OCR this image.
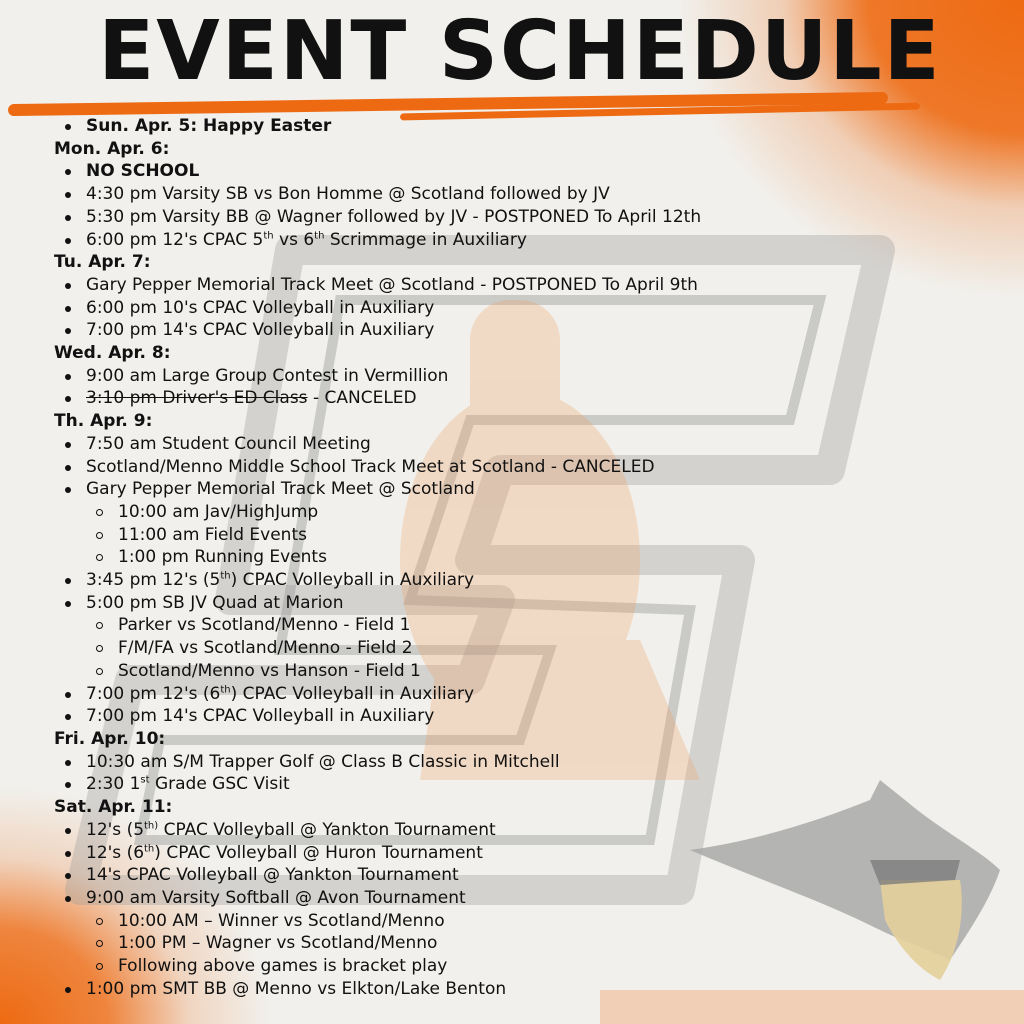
EVENT SCHEDULE
Sun. Apr. 5: Happy Easter
Mon. Apr. 6:
NO SCHOOL
4:30 pm Varsity SB vs Bon Homme @ Scotland followed by JV
5:30 pm Varsity BB @ Wagner followed by JV - POSTPONED To April 12th
6:00 pm 12's CPAC 5th vs 6th Scrimmage in Auxiliary
Tu. Apr. 7:
Gary Pepper Memorial Track Meet @ Scotland - POSTPONED To April 9th
6:00 pm 10's CPAC Volleyball in Auxiliary
7:00 pm 14's CPAC Volleyball in Auxiliary
Wed. Apr. 8:
9:00 am Large Group Contest in Vermillion
3:10 pm Driver's ED Class - CANCELED
Th. Apr. 9:
7:50 am Student Council Meeting
Scotland/Menno Middle School Track Meet at Scotland - CANCELED
Gary Pepper Memorial Track Meet @ Scotland
10:00 am Jav/HighJump
11:00 am Field Events
1:00 pm Running Events
3:45 pm 12's (5th) CPAC Volleyball in Auxiliary
5:00 pm SB JV Quad at Marion
Parker vs Scotland/Menno - Field 1
F/M/FA vs Scotland/Menno - Field 2
Scotland/Menno vs Hanson - Field 1
7:00 pm 12's (6th) CPAC Volleyball in Auxiliary
7:00 pm 14's CPAC Volleyball in Auxiliary
Fri. Apr. 10:
10:30 am S/M Trapper Golf @ Class B Classic in Mitchell
2:30 1st Grade GSC Visit
Sat. Apr. 11:
12's ($5^{th)}$ CPAC Volleyball @ Yankton Tournament
12's (6th) CPAC Volleyball @ Huron Tournament
14's CPAC Volleyball @ Yankton Tournament
9:00 am Varsity Softball @ Avon Tournament
10:00 AM – Winner vs Scotland/Menno
1:00 PM – Wagner vs Scotland/Menno
Following above games is bracket play
1:00 pm SMT BB @ Menno vs Elkton/Lake Benton
